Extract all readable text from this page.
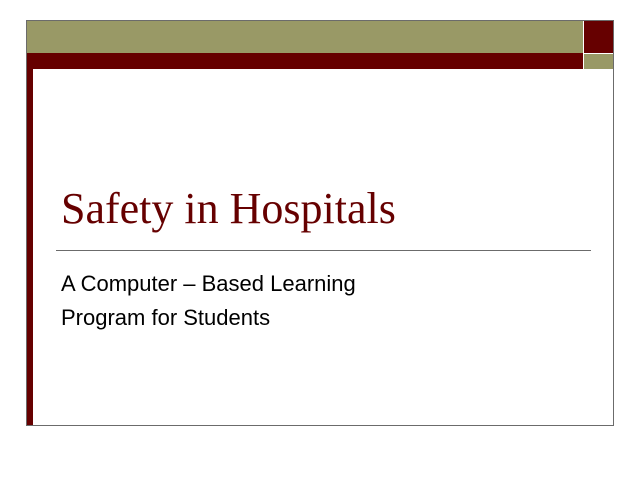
Safety in Hospitals
A Computer – Based Learning
Program for Students
